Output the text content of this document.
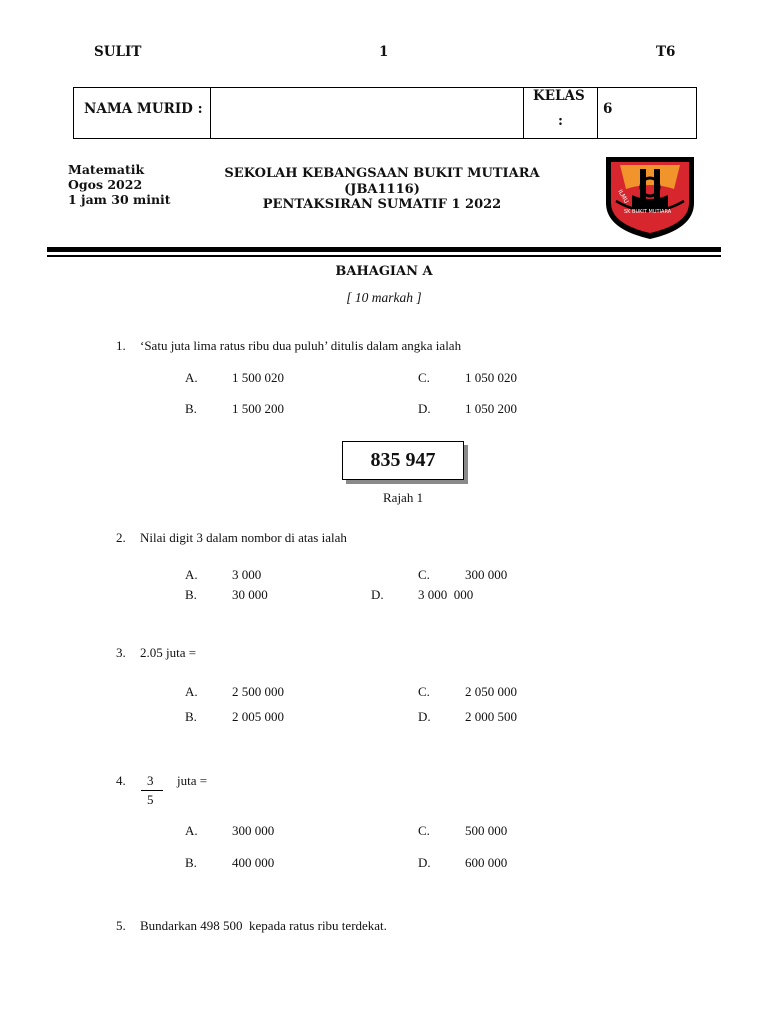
SULIT	1	T6
NAMA MURID :
KELAS
:
6
Matematik
Ogos 2022
1 jam 30 minit
SEKOLAH KEBANGSAAN BUKIT MUTIARA
(JBA1116)
PENTAKSIRAN SUMATIF 1 2022	ILMU
SK BUKIT MUTIARA
BAHAGIAN A
[ 10 markah ]
1. ‘Satu juta lima ratus ribu dua puluh’ ditulis dalam angka ialah
A.	1 500 020	C.	1 050 020
B.	1 500 200	D.	1 050 200
835 947
Rajah 1
2. Nilai digit 3 dalam nombor di atas ialah
A.	3 000	C.	300 000
B.	30 000	D.	3 000  000
3. 2.05 juta =
A.	2 500 000	C.	2 050 000
B.	2 005 000	D.	2 000 500
4. 3
5
juta =
A.	300 000	C.	500 000
B.	400 000	D.	600 000
5. Bundarkan 498 500  kepada ratus ribu terdekat.
